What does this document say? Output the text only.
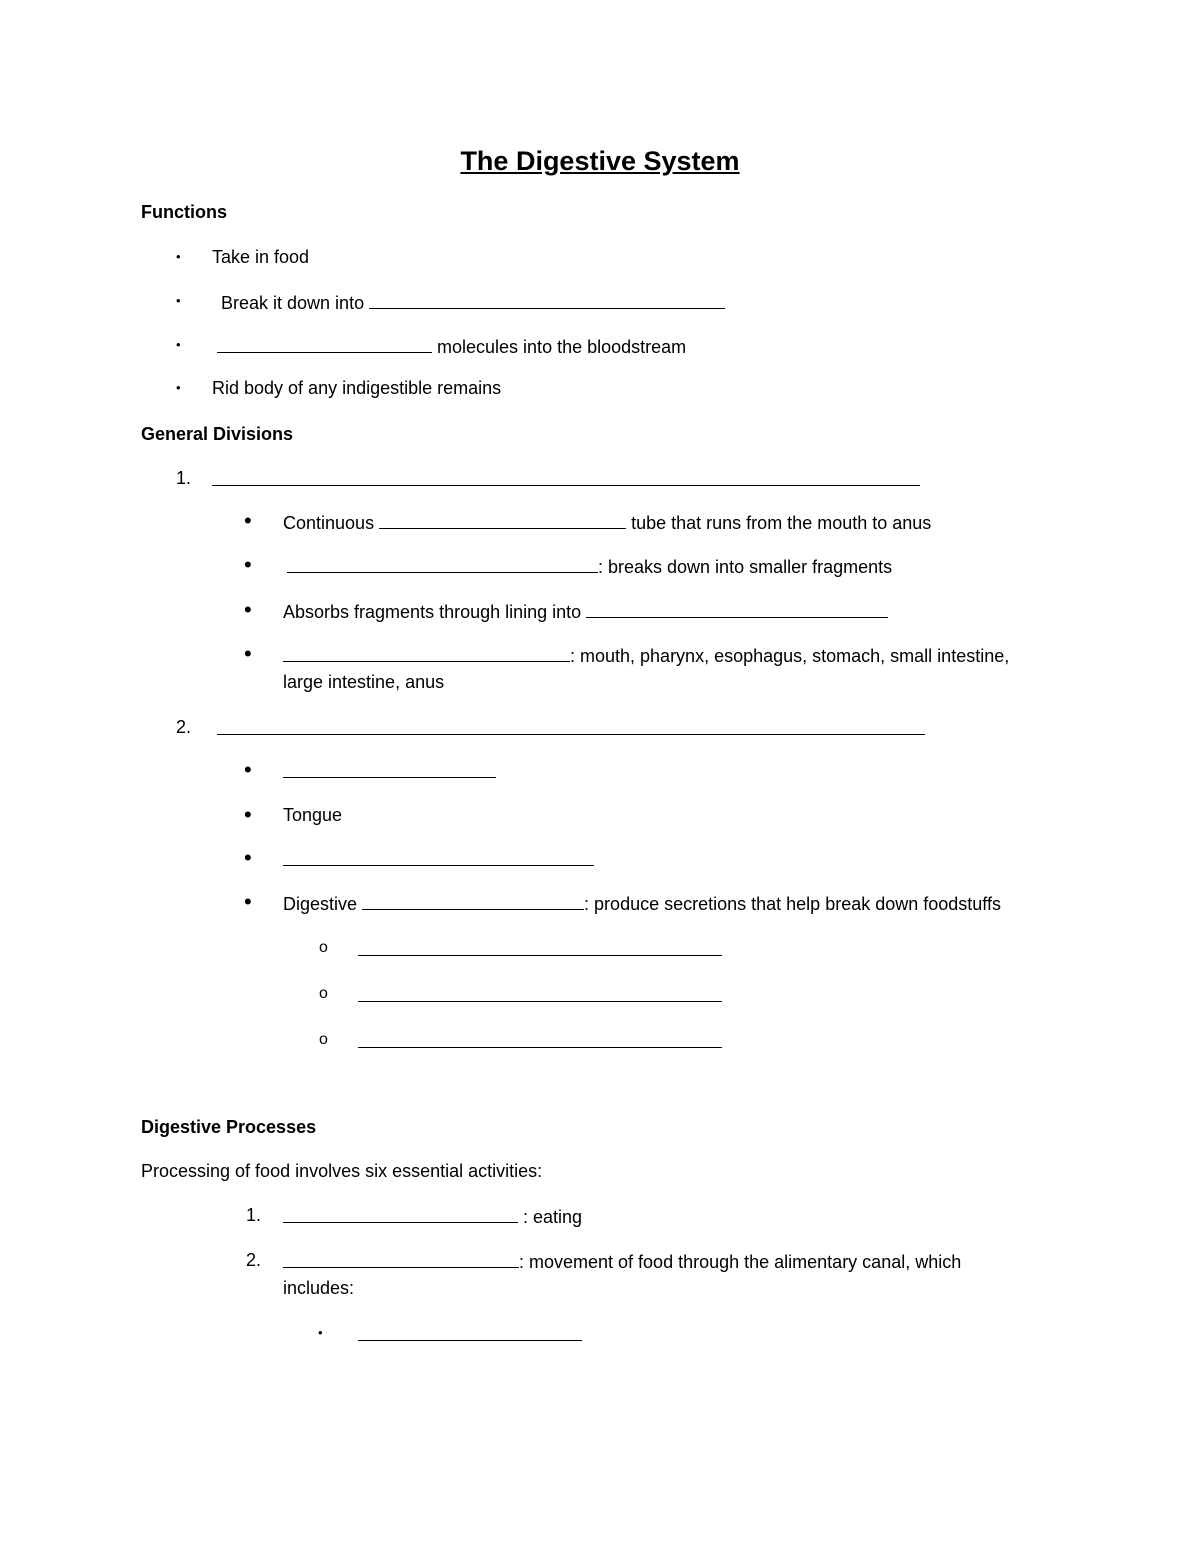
The Digestive System
Functions
• Take in food
• Break it down into
•	molecules into the bloodstream
• Rid body of any indigestible remains
General Divisions
1.
• Continuous	tube that runs from the mouth to anus
•	: breaks down into smaller fragments
• Absorbs fragments through lining into
•	: mouth, pharynx, esophagus, stomach, small intestine,
large intestine, anus
2.
•
• Tongue
•
• Digestive	: produce secretions that help break down foodstuffs
o
o
o
Digestive Processes
Processing of food involves six essential activities:
1.	: eating
2.	: movement of food through the alimentary canal, which
includes:
•
